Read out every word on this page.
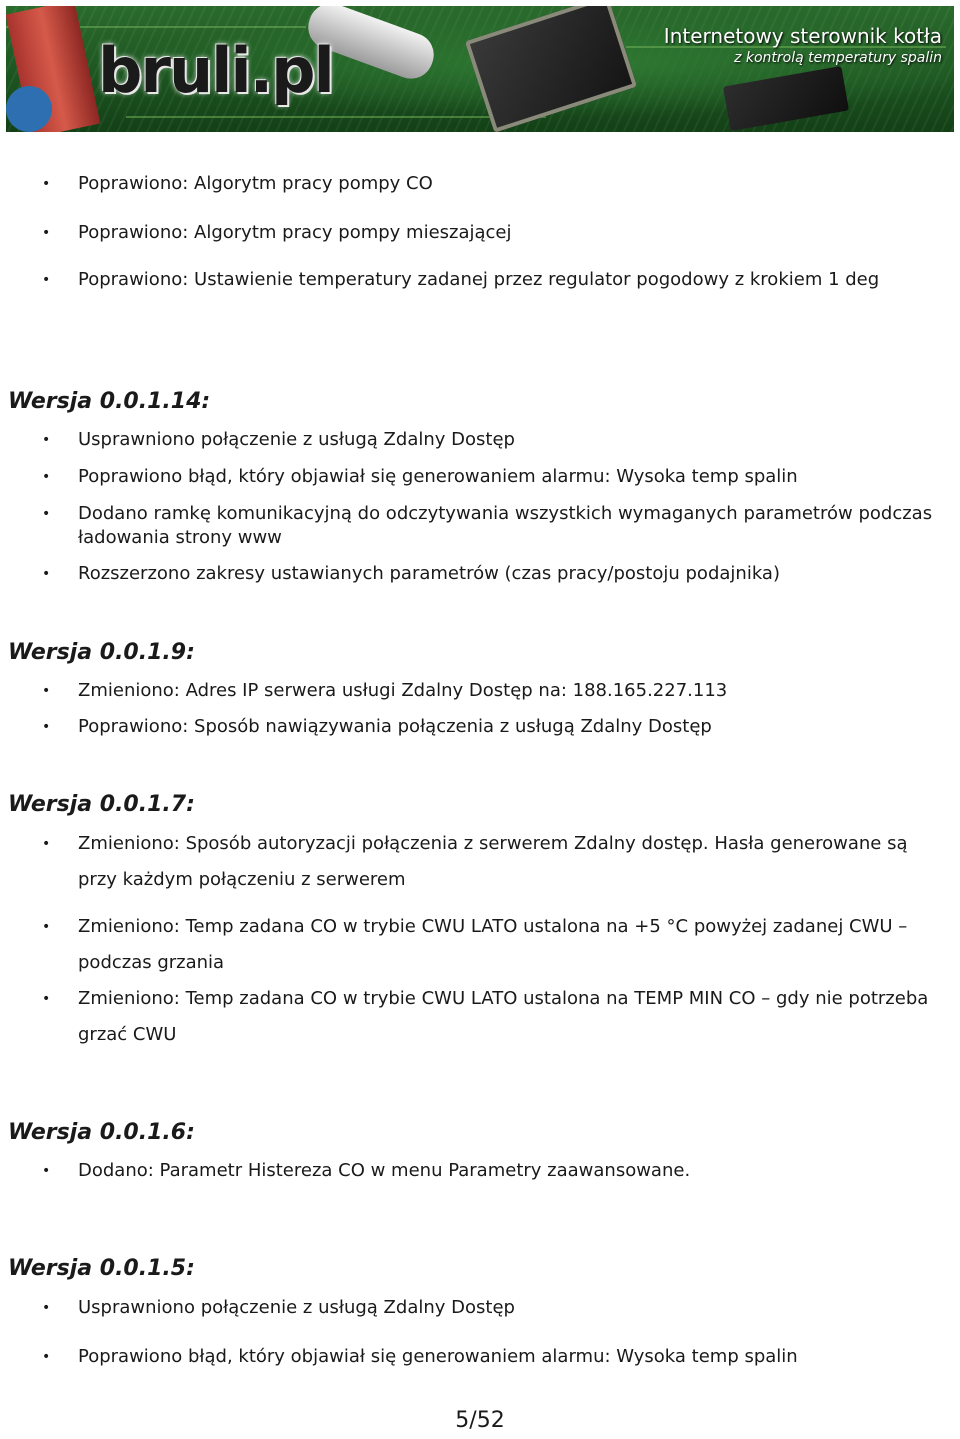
bruli.pl	Internetowy sterownik kotła
z kontrolą temperatury spalin
• Poprawiono: Algorytm pracy pompy CO
• Poprawiono: Algorytm pracy pompy mieszającej
• Poprawiono: Ustawienie temperatury zadanej przez regulator pogodowy z krokiem 1 deg
Wersja 0.0.1.14:
• Usprawniono połączenie z usługą Zdalny Dostęp
• Poprawiono błąd, który objawiał się generowaniem alarmu: Wysoka temp spalin
• Dodano ramkę komunikacyjną do odczytywania wszystkich wymaganych parametrów podczas ładowania strony www
• Rozszerzono zakresy ustawianych parametrów (czas pracy/postoju podajnika)
Wersja 0.0.1.9:
• Zmieniono: Adres IP serwera usługi Zdalny Dostęp na: 188.165.227.113
• Poprawiono: Sposób nawiązywania połączenia z usługą Zdalny Dostęp
Wersja 0.0.1.7:
• Zmieniono: Sposób autoryzacji połączenia z serwerem Zdalny dostęp. Hasła generowane są przy każdym połączeniu z serwerem
• Zmieniono: Temp zadana CO w trybie CWU LATO ustalona na +5 °C powyżej zadanej CWU – podczas grzania
• Zmieniono: Temp zadana CO w trybie CWU LATO ustalona na TEMP MIN CO – gdy nie potrzeba grzać CWU
Wersja 0.0.1.6:
• Dodano: Parametr Histereza CO w menu Parametry zaawansowane.
Wersja 0.0.1.5:
• Usprawniono połączenie z usługą Zdalny Dostęp
• Poprawiono błąd, który objawiał się generowaniem alarmu: Wysoka temp spalin
5/52
